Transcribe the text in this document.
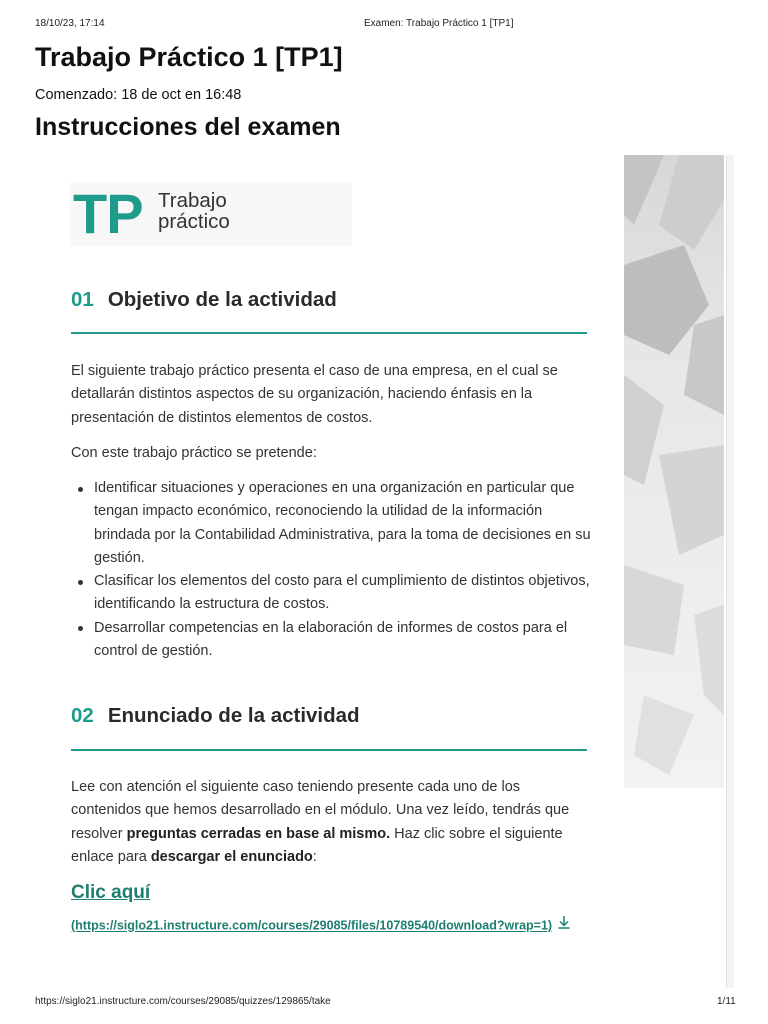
18/10/23, 17:14	Examen: Trabajo Práctico 1 [TP1]
Trabajo Práctico 1 [TP1]
Comenzado: 18 de oct en 16:48
Instrucciones del examen
TP Trabajo
práctico
01 Objetivo de la actividad

El siguiente trabajo práctico presenta el caso de una empresa, en el cual se detallarán distintos aspectos de su organización, haciendo énfasis en la presentación de distintos elementos de costos.

Con este trabajo práctico se pretende:

Identificar situaciones y operaciones en una organización en particular que tengan impacto económico, reconociendo la utilidad de la información brindada por la Contabilidad Administrativa, para la toma de decisiones en su gestión.
Clasificar los elementos del costo para el cumplimiento de distintos objetivos, identificando la estructura de costos.
Desarrollar competencias en la elaboración de informes de costos para el control de gestión.
02 Enunciado de la actividad

Lee con atención el siguiente caso teniendo presente cada uno de los contenidos que hemos desarrollado en el módulo. Una vez leído, tendrás que resolver preguntas cerradas en base al mismo. Haz clic sobre el siguiente enlace para descargar el enunciado:

Clic aquí
(https://siglo21.instructure.com/courses/29085/files/10789540/download?wrap=1)
https://siglo21.instructure.com/courses/29085/quizzes/129865/take	1/11
